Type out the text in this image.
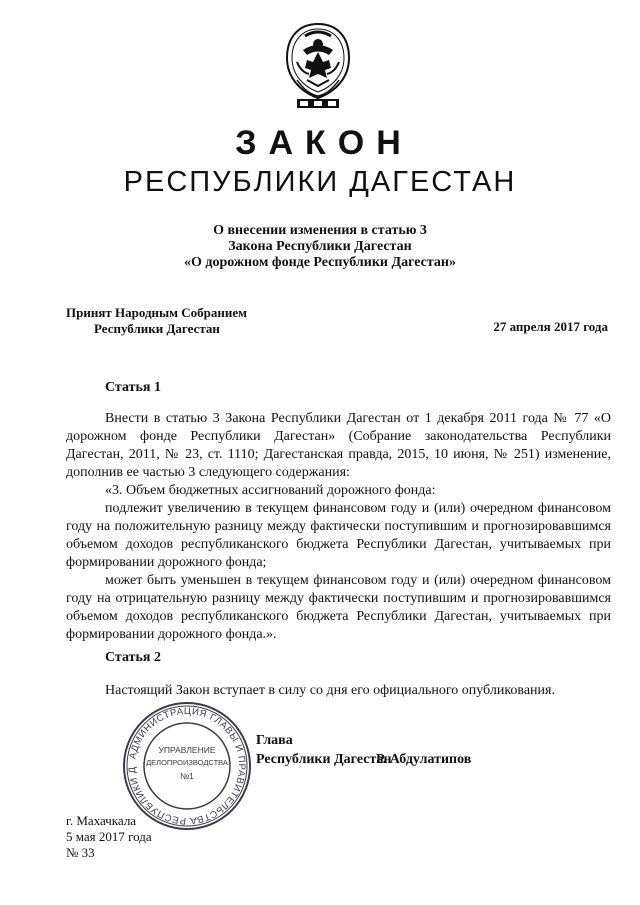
ЗАКОН
РЕСПУБЛИКИ ДАГЕСТАН
О внесении изменения в статью 3
Закона Республики Дагестан
«О дорожном фонде Республики Дагестан»
Принят Народным Собранием
Республики Дагестан	27 апреля 2017 года
Статья 1

Внести в статью 3 Закона Республики Дагестан от 1 декабря 2011 года № 77 «О дорожном фонде Республики Дагестан» (Собрание законодательства Республики Дагестан, 2011, № 23, ст. 1110; Дагестанская правда, 2015, 10 июня, № 251) изменение, дополнив ее частью 3 следующего содержания:

«3. Объем бюджетных ассигнований дорожного фонда:

подлежит увеличению в текущем финансовом году и (или) очередном финансовом году на положительную разницу между фактически поступившим и прогнозировавшимся объемом доходов республиканского бюджета Республики Дагестан, учитываемых при формировании дорожного фонда;

может быть уменьшен в текущем финансовом году и (или) очередном финансовом году на отрицательную разницу между фактически поступившим и прогнозировавшимся объемом доходов республиканского бюджета Республики Дагестан, учитываемых при формировании дорожного фонда.».

Статья 2

Настоящий Закон вступает в силу со дня его официального опубликования.

АДМИНИСТРАЦИЯ ГЛАВЫ И ПРАВИТЕЛЬСТВА РЕСПУБЛИКИ Д
УПРАВЛЕНИЕ
ДЕЛОПРОИЗВОДСТВА
№1
Глава
Республики Дагестан
Р. Абдулатипов
г. Махачкала
5 мая 2017 года
№ 33
